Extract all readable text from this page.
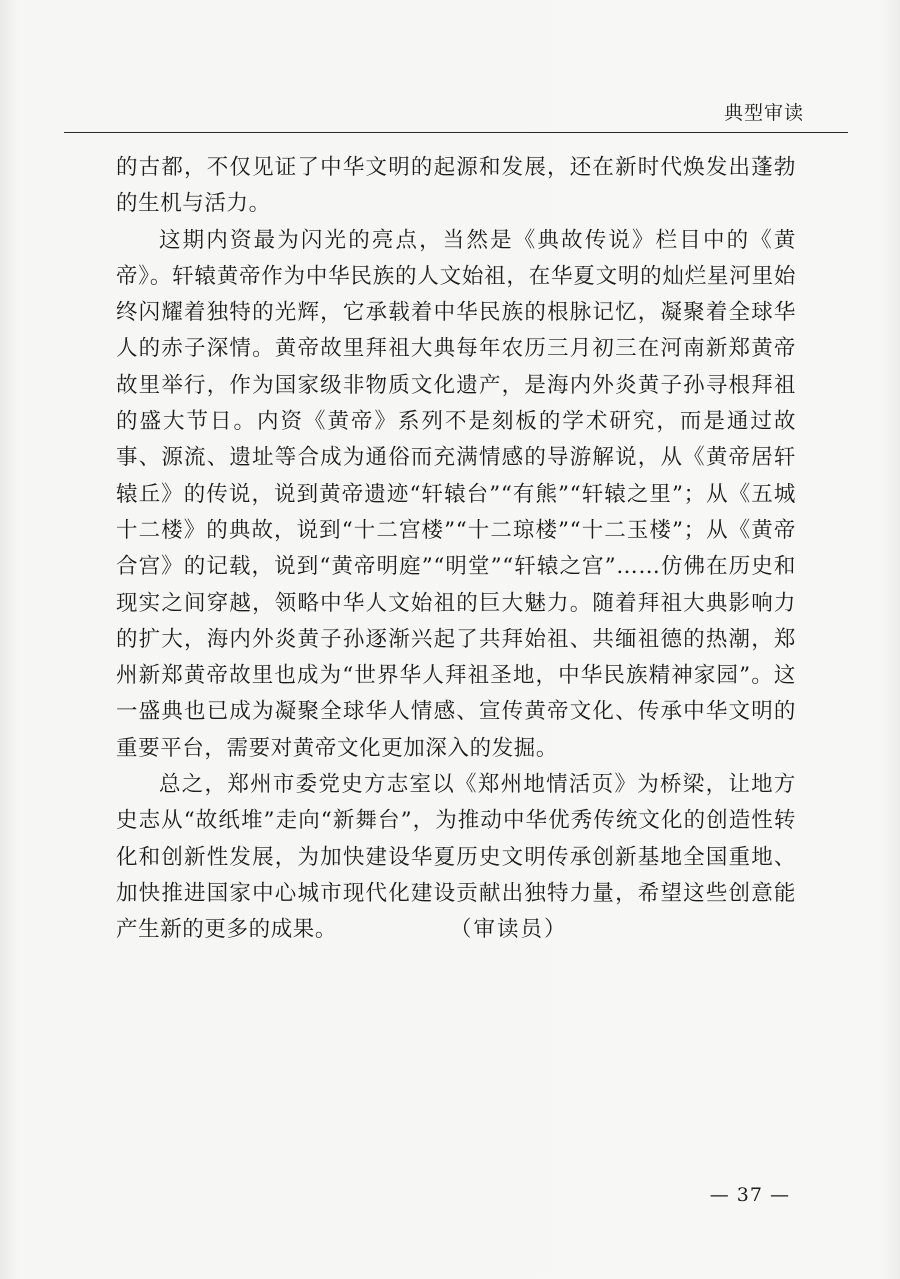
典型审读

的古都，不仅见证了中华文明的起源和发展，还在新时代焕发出蓬勃的生机与活力。

这期内资最为闪光的亮点，当然是《典故传说》栏目中的《黄帝》。轩辕黄帝作为中华民族的人文始祖，在华夏文明的灿烂星河里始终闪耀着独特的光辉，它承载着中华民族的根脉记忆，凝聚着全球华人的赤子深情。黄帝故里拜祖大典每年农历三月初三在河南新郑黄帝故里举行，作为国家级非物质文化遗产，是海内外炎黄子孙寻根拜祖的盛大节日。内资《黄帝》系列不是刻板的学术研究，而是通过故事、源流、遗址等合成为通俗而充满情感的导游解说，从《黄帝居轩辕丘》的传说，说到黄帝遗迹“轩辕台”“有熊”“轩辕之里”；从《五城十二楼》的典故，说到“十二宫楼”“十二琼楼”“十二玉楼”；从《黄帝合宫》的记载，说到“黄帝明庭”“明堂”“轩辕之宫”……仿佛在历史和现实之间穿越，领略中华人文始祖的巨大魅力。随着拜祖大典影响力的扩大，海内外炎黄子孙逐渐兴起了共拜始祖、共缅祖德的热潮，郑州新郑黄帝故里也成为“世界华人拜祖圣地，中华民族精神家园”。这一盛典也已成为凝聚全球华人情感、宣传黄帝文化、传承中华文明的重要平台，需要对黄帝文化更加深入的发掘。

总之，郑州市委党史方志室以《郑州地情活页》为桥梁，让地方史志从“故纸堆”走向“新舞台”，为推动中华优秀传统文化的创造性转化和创新性发展，为加快建设华夏历史文明传承创新基地全国重地、加快推进国家中心城市现代化建设贡献出独特力量，希望这些创意能产生新的更多的成果。	（审读员）

— 37 —
